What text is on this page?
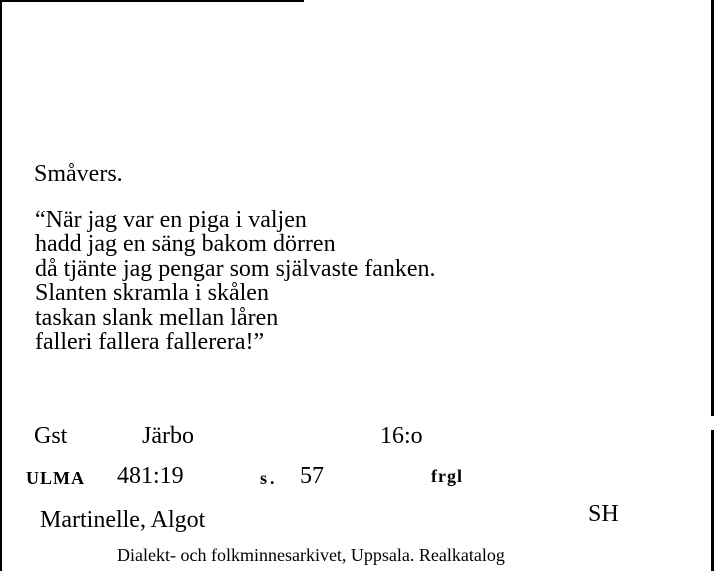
Småvers.
“När jag var en piga i valjen
hadd jag en säng bakom dörren
då tjänte jag pengar som självaste fanken.
Slanten skramla i skålen
taskan slank mellan låren
falleri fallera fallerera!”
Gst	Järbo	16:o
ULMA 481:19	s. 57	frgl
Martinelle, Algot	SH
Dialekt- och folkminnesarkivet, Uppsala. Realkatalog
